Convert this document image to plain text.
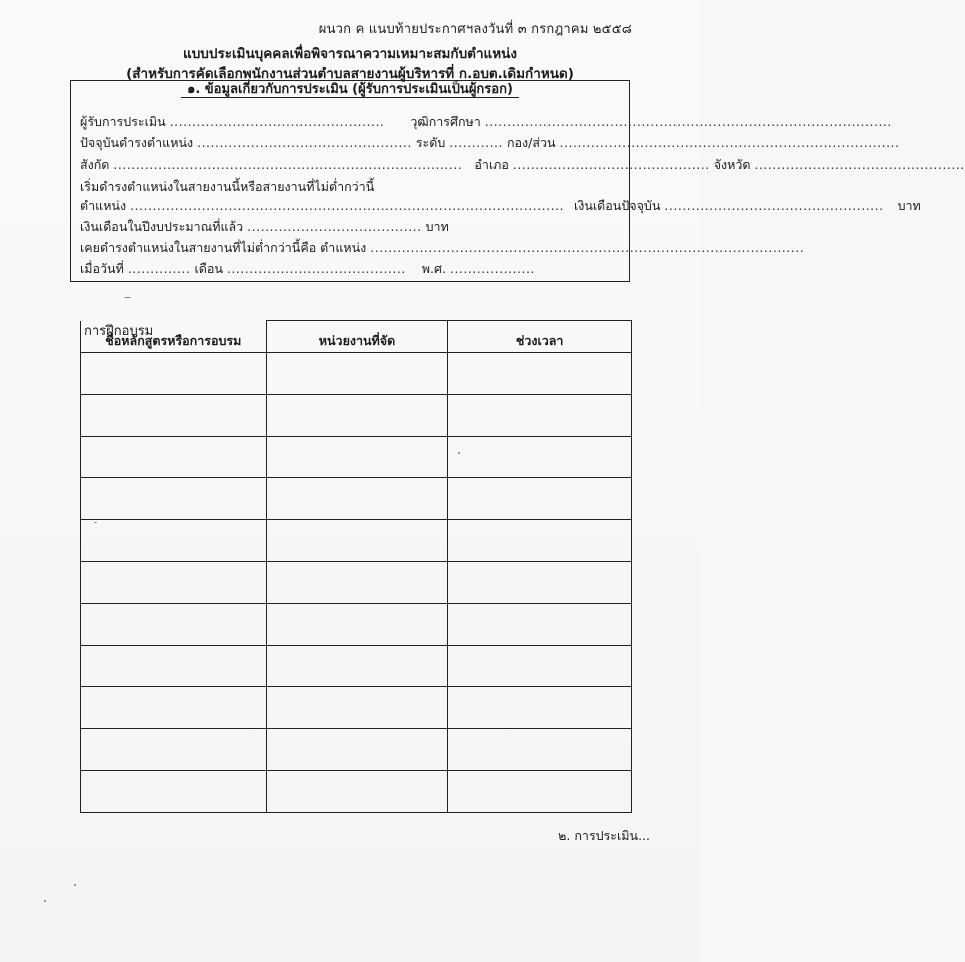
ผนวก ค แนบท้ายประกาศฯลงวันที่ ๓ กรกฎาคม ๒๕๕๘
แบบประเมินบุคคลเพื่อพิจารณาความเหมาะสมกับตำแหน่ง
(สำหรับการคัดเลือกพนักงานส่วนตำบลสายงานผู้บริหารที่ ก.อบต.เดิมกำหนด)
๑. ข้อมูลเกี่ยวกับการประเมิน (ผู้รับการประเมินเป็นผู้กรอก)
ผู้รับการประเมิน ................................................ วุฒิการศึกษา ...........................................................................................
ปัจจุบันดำรงตำแหน่ง ................................................ ระดับ ............ กอง/ส่วน ............................................................................
สังกัด .............................................................................. อำเภอ ............................................ จังหวัด ...............................................
เริ่มดำรงตำแหน่งในสายงานนี้หรือสายงานที่ไม่ต่ำกว่านี้
ตำแหน่ง ................................................................................................. เงินเดือนปัจจุบัน ................................................. บาท
เงินเดือนในปีงบประมาณที่แล้ว ....................................... บาท
เคยดำรงตำแหน่งในสายงานที่ไม่ต่ำกว่านี้คือ ตำแหน่ง .................................................................................................
เมื่อวันที่ .............. เดือน ........................................ พ.ศ. ...................
การฝึกอบรม
ชื่อหลักสูตรหรือการอบรม	หน่วยงานที่จัด	ช่วงเวลา

๒. การประเมิน...
